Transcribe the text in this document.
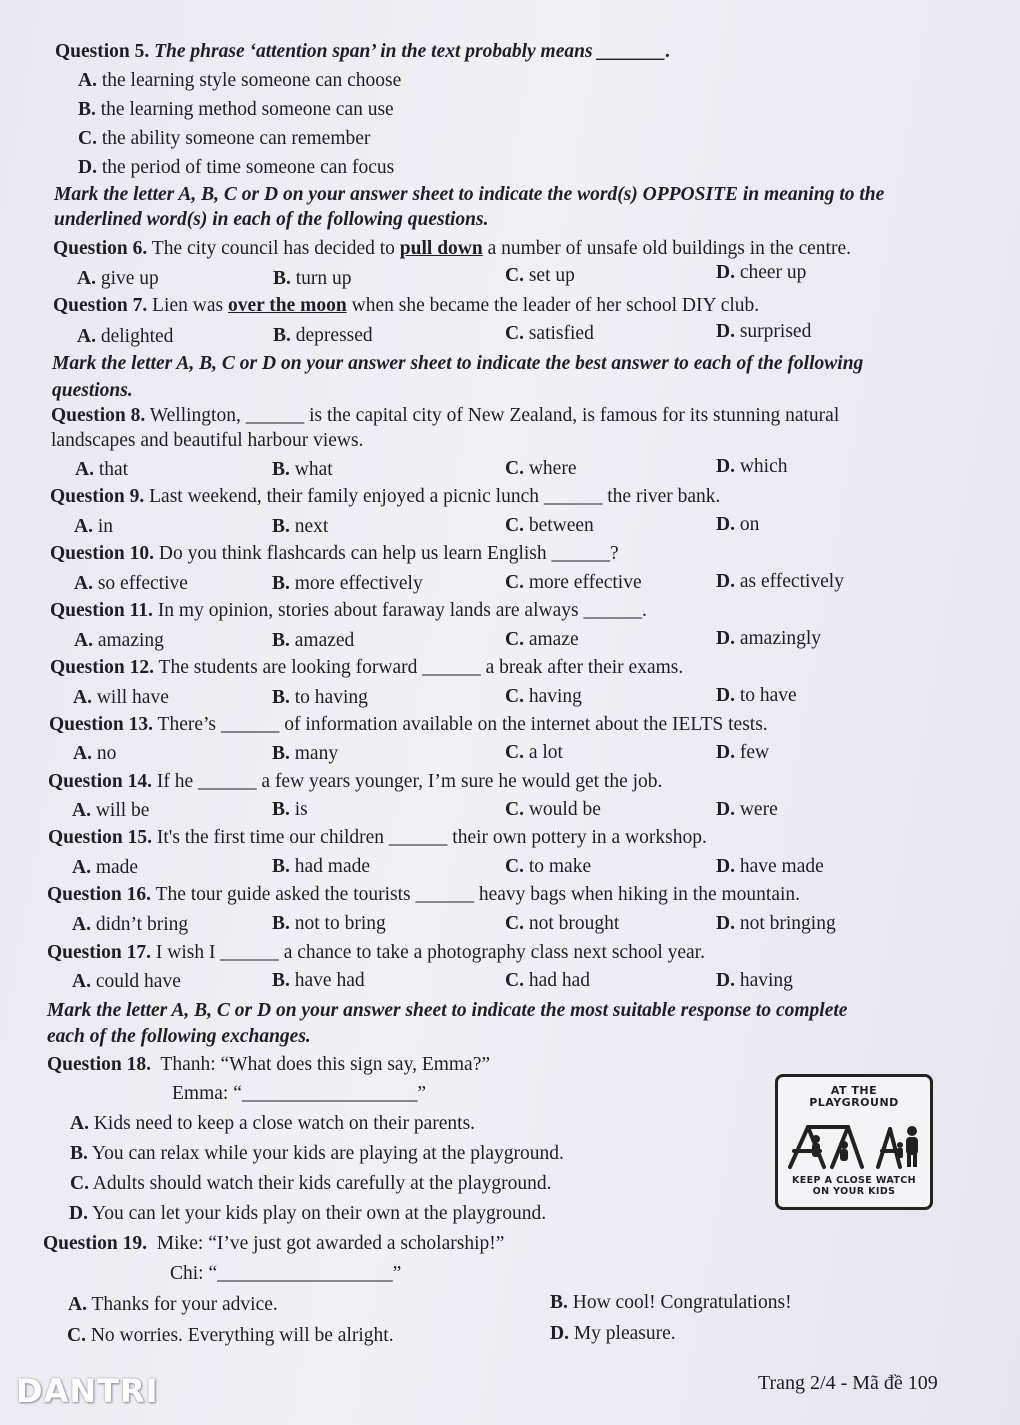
Question 5. The phrase ‘attention span’ in the text probably means _______.
A. the learning style someone can choose
B. the learning method someone can use
C. the ability someone can remember
D. the period of time someone can focus
Mark the letter A, B, C or D on your answer sheet to indicate the word(s) OPPOSITE in meaning to the
underlined word(s) in each of the following questions.
Question 6. The city council has decided to pull down a number of unsafe old buildings in the centre.
A. give up	B. turn up	C. set up	D. cheer up
Question 7. Lien was over the moon when she became the leader of her school DIY club.
A. delighted	B. depressed	C. satisfied	D. surprised
Mark the letter A, B, C or D on your answer sheet to indicate the best answer to each of the following
questions.
Question 8. Wellington, ______ is the capital city of New Zealand, is famous for its stunning natural
landscapes and beautiful harbour views.
A. that	B. what	C. where	D. which
Question 9. Last weekend, their family enjoyed a picnic lunch ______ the river bank.
A. in	B. next	C. between	D. on
Question 10. Do you think flashcards can help us learn English ______?
A. so effective	B. more effectively	C. more effective	D. as effectively
Question 11. In my opinion, stories about faraway lands are always ______.
A. amazing	B. amazed	C. amaze	D. amazingly
Question 12. The students are looking forward ______ a break after their exams.
A. will have	B. to having	C. having	D. to have
Question 13. There’s ______ of information available on the internet about the IELTS tests.
A. no	B. many	C. a lot	D. few
Question 14. If he ______ a few years younger, I’m sure he would get the job.
A. will be	B. is	C. would be	D. were
Question 15. It's the first time our children ______ their own pottery in a workshop.
A. made	B. had made	C. to make	D. have made
Question 16. The tour guide asked the tourists ______ heavy bags when hiking in the mountain.
A. didn’t bring	B. not to bring	C. not brought	D. not bringing
Question 17. I wish I ______ a chance to take a photography class next school year.
A. could have	B. have had	C. had had	D. having
Mark the letter A, B, C or D on your answer sheet to indicate the most suitable response to complete
each of the following exchanges.
Question 18. Thanh: “What does this sign say, Emma?”
Emma: “__________________”
A. Kids need to keep a close watch on their parents.
B. You can relax while your kids are playing at the playground.
C. Adults should watch their kids carefully at the playground.
D. You can let your kids play on their own at the playground.
AT THE
PLAYGROUND
KEEP A CLOSE WATCH
ON YOUR KIDS
Question 19. Mike: “I’ve just got awarded a scholarship!”
Chi: “__________________”
A. Thanks for your advice.	B. How cool! Congratulations!
C. No worries. Everything will be alright.	D. My pleasure.
DANTRI	Trang 2/4 - Mã đề 109
